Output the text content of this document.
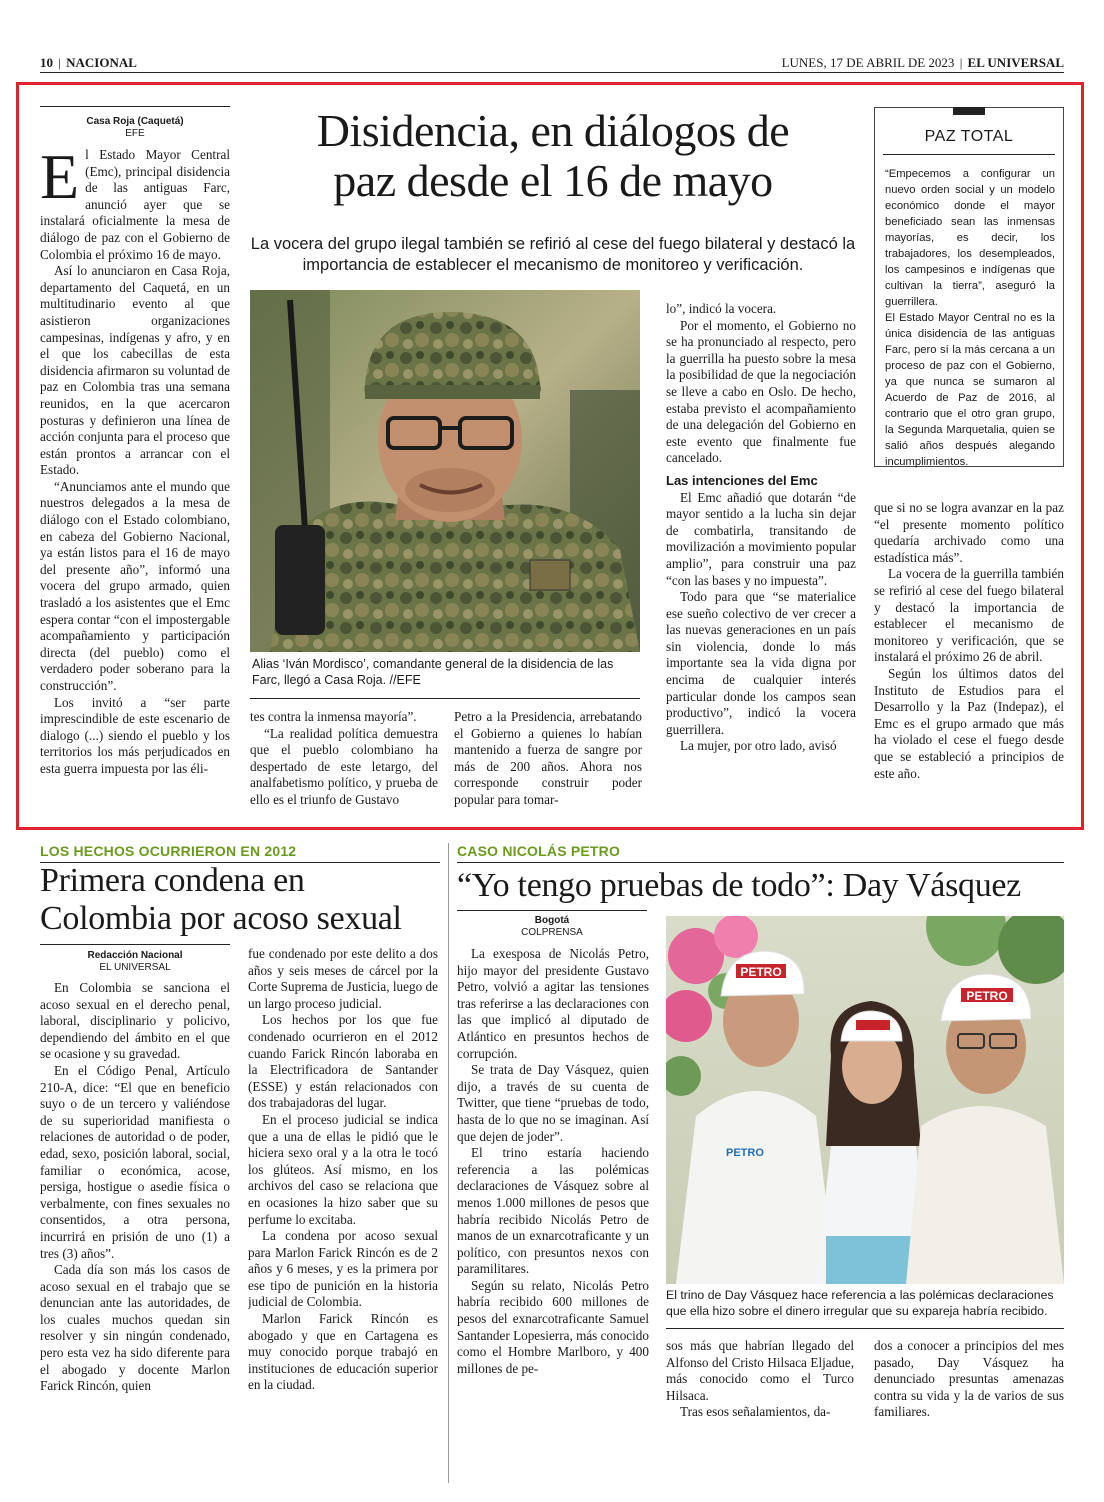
10 | NACIONAL	LUNES, 17 DE ABRIL DE 2023 | EL UNIVERSAL
Casa Roja (Caquetá)
EFE	Disidencia, en diálogos de
paz desde el 16 de mayo
La vocera del grupo ilegal también se refirió al cese del fuego bilateral y destacó la importancia de establecer el mecanismo de monitoreo y verificación.

El Estado Mayor Central (Emc), principal disidencia de las antiguas Farc, anunció ayer que se instalará oficialmente la mesa de diálogo de paz con el Gobierno de Colombia el próximo 16 de mayo.

Así lo anunciaron en Casa Roja, departamento del Caquetá, en un multitudinario evento al que asistieron organizaciones campesinas, indígenas y afro, y en el que los cabecillas de esta disidencia afirmaron su voluntad de paz en Colombia tras una semana reunidos, en la que acercaron posturas y definieron una línea de acción conjunta para el proceso que están prontos a arrancar con el Estado.

“Anunciamos ante el mundo que nuestros delegados a la mesa de diálogo con el Estado colombiano, en cabeza del Gobierno Nacional, ya están listos para el 16 de mayo del presente año”, informó una vocera del grupo armado, quien trasladó a los asistentes que el Emc espera contar “con el impostergable acompañamiento y participación directa (del pueblo) como el verdadero poder soberano para la construcción”.

Los invitó a “ser parte imprescindible de este escenario de dialogo (...) siendo el pueblo y los territorios los más perjudicados en esta guerra impuesta por las éli-

Alias ‘Iván Mordisco’, comandante general de la disidencia de las Farc, llegó a Casa Roja. //EFE

tes contra la inmensa mayoría”.

“La realidad política demuestra que el pueblo colombiano ha despertado de este letargo, del analfabetismo político, y prueba de ello es el triunfo de Gustavo

Petro a la Presidencia, arrebatando el Gobierno a quienes lo habían mantenido a fuerza de sangre por más de 200 años. Ahora nos corresponde construir poder popular para tomar-

lo”, indicó la vocera.

Por el momento, el Gobierno no se ha pronunciado al respecto, pero la guerrilla ha puesto sobre la mesa la posibilidad de que la negociación se lleve a cabo en Oslo. De hecho, estaba previsto el acompañamiento de una delegación del Gobierno en este evento que finalmente fue cancelado.

Las intenciones del Emc

El Emc añadió que dotarán “de mayor sentido a la lucha sin dejar de combatirla, transitando de movilización a movimiento popular amplio”, para construir una paz “con las bases y no impuesta”.

Todo para que “se materialice ese sueño colectivo de ver crecer a las nuevas generaciones en un país sin violencia, donde lo más importante sea la vida digna por encima de cualquier interés particular donde los campos sean productivo”, indicó la vocera guerrillera.

La mujer, por otro lado, avisó

que si no se logra avanzar en la paz “el presente momento político quedaría archivado como una estadística más”.

La vocera de la guerrilla también se refirió al cese del fuego bilateral y destacó la importancia de establecer el mecanismo de monitoreo y verificación, que se instalará el próximo 26 de abril.

Según los últimos datos del Instituto de Estudios para el Desarrollo y la Paz (Indepaz), el Emc es el grupo armado que más ha violado el cese el fuego desde que se estableció a principios de este año.

PAZ TOTAL
“Empecemos a configurar un nuevo orden social y un modelo económico donde el mayor beneficiado sean las inmensas mayorías, es decir, los trabajadores, los desempleados, los campesinos e indígenas que cultivan la tierra”, aseguró la guerrillera.
El Estado Mayor Central no es la única disidencia de las antiguas Farc, pero sí la más cercana a un proceso de paz con el Gobierno, ya que nunca se sumaron al Acuerdo de Paz de 2016, al contrario que el otro gran grupo, la Segunda Marquetalia, quien se salió años después alegando incumplimientos.
LOS HECHOS OCURRIERON EN 2012
Primera condena en
Colombia por acoso sexual
Redacción Nacional
EL UNIVERSAL

En Colombia se sanciona el acoso sexual en el derecho penal, laboral, disciplinario y policivo, dependiendo del ámbito en el que se ocasione y su gravedad.

En el Código Penal, Artículo 210-A, dice: “El que en beneficio suyo o de un tercero y valiéndose de su superioridad manifiesta o relaciones de autoridad o de poder, edad, sexo, posición laboral, social, familiar o económica, acose, persiga, hostigue o asedie física o verbalmente, con fines sexuales no consentidos, a otra persona, incurrirá en prisión de uno (1) a tres (3) años”.

Cada día son más los casos de acoso sexual en el trabajo que se denuncian ante las autoridades, de los cuales muchos quedan sin resolver y sin ningún condenado, pero esta vez ha sido diferente para el abogado y docente Marlon Farick Rincón, quien

fue condenado por este delito a dos años y seis meses de cárcel por la Corte Suprema de Justicia, luego de un largo proceso judicial.

Los hechos por los que fue condenado ocurrieron en el 2012 cuando Farick Rincón laboraba en la Electrificadora de Santander (ESSE) y están relacionados con dos trabajadoras del lugar.

En el proceso judicial se indica que a una de ellas le pidió que le hiciera sexo oral y a la otra le tocó los glúteos. Así mismo, en los archivos del caso se relaciona que en ocasiones la hizo saber que su perfume lo excitaba.

La condena por acoso sexual para Marlon Farick Rincón es de 2 años y 6 meses, y es la primera por ese tipo de punición en la historia judicial de Colombia.

Marlon Farick Rincón es abogado y que en Cartagena es muy conocido porque trabajó en instituciones de educación superior en la ciudad.

CASO NICOLÁS PETRO
“Yo tengo pruebas de todo”: Day Vásquez
Bogotá
COLPRENSA

La exesposa de Nicolás Petro, hijo mayor del presidente Gustavo Petro, volvió a agitar las tensiones tras referirse a las declaraciones con las que implicó al diputado de Atlántico en presuntos hechos de corrupción.

Se trata de Day Vásquez, quien dijo, a través de su cuenta de Twitter, que tiene “pruebas de todo, hasta de lo que no se imaginan. Así que dejen de joder”.

El trino estaría haciendo referencia a las polémicas declaraciones de Vásquez sobre al menos 1.000 millones de pesos que habría recibido Nicolás Petro de manos de un exnarcotraficante y un político, con presuntos nexos con paramilitares.

Según su relato, Nicolás Petro habría recibido 600 millones de pesos del exnarcotraficante Samuel Santander Lopesierra, más conocido como el Hombre Marlboro, y 400 millones de pe-

PETRO
PETRO
PETRO
El trino de Day Vásquez hace referencia a las polémicas declaraciones que ella hizo sobre el dinero irregular que su expareja habría recibido.

sos más que habrían llegado del Alfonso del Cristo Hilsaca Eljadue, más conocido como el Turco Hilsaca.

Tras esos señalamientos, da-

dos a conocer a principios del mes pasado, Day Vásquez ha denunciado presuntas amenazas contra su vida y la de varios de sus familiares.
